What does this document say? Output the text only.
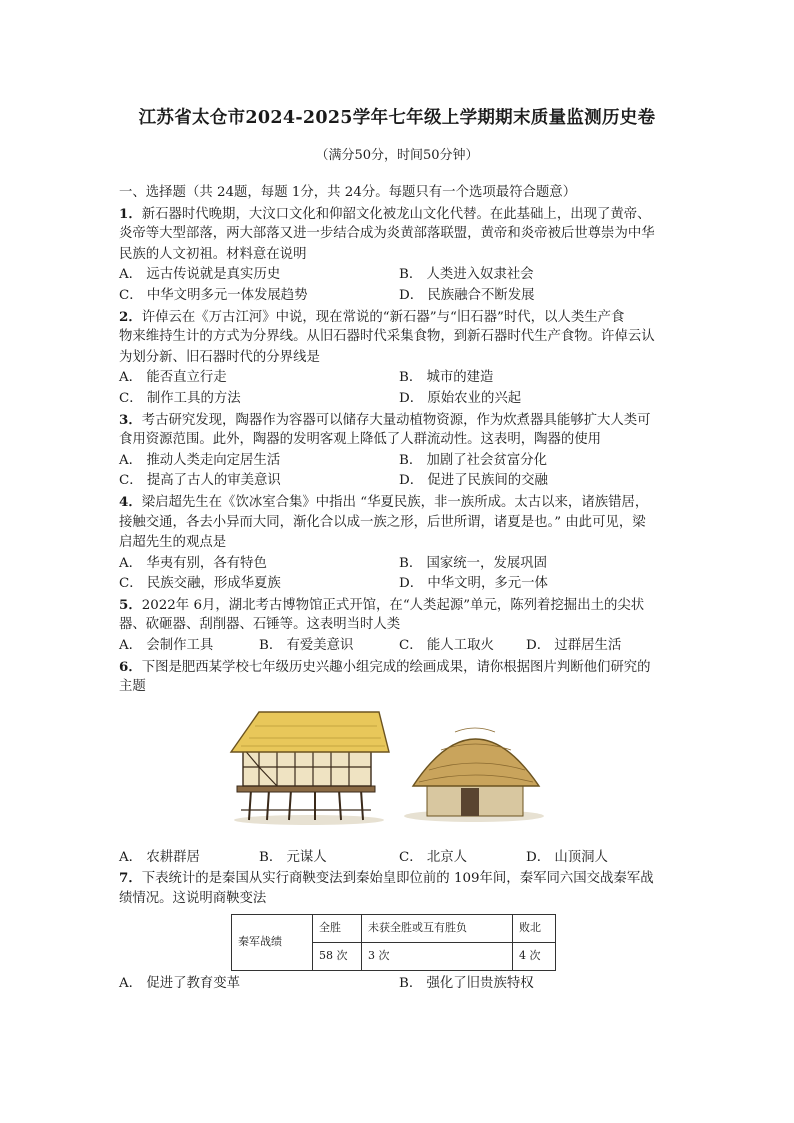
江苏省太仓市2024-2025学年七年级上学期期末质量监测历史卷
（满分50分，时间50分钟）
一、选择题（共 24题，每题 1分，共 24分。每题只有一个选项最符合题意）
1．新石器时代晚期，大汶口文化和仰韶文化被龙山文化代替。在此基础上，出现了黄帝、
炎帝等大型部落，两大部落又进一步结合成为炎黄部落联盟，黄帝和炎帝被后世尊崇为中华
民族的人文初祖。材料意在说明
A． 远古传说就是真实历史	B． 人类进入奴隶社会
C． 中华文明多元一体发展趋势	D． 民族融合不断发展
2．许倬云在《万古江河》中说，现在常说的“新石器”与“旧石器”时代，以人类生产食
物来维持生计的方式为分界线。从旧石器时代采集食物，到新石器时代生产食物。许倬云认
为划分新、旧石器时代的分界线是
A． 能否直立行走	B． 城市的建造
C． 制作工具的方法	D． 原始农业的兴起
3．考古研究发现，陶器作为容器可以储存大量动植物资源，作为炊煮器具能够扩大人类可
食用资源范围。此外，陶器的发明客观上降低了人群流动性。这表明，陶器的使用
A． 推动人类走向定居生活	B． 加剧了社会贫富分化
C． 提高了古人的审美意识	D． 促进了民族间的交融
4．梁启超先生在《饮冰室合集》中指出 “华夏民族，非一族所成。太古以来，诸族错居，
接触交通，各去小异而大同，渐化合以成一族之形，后世所谓，诸夏是也。” 由此可见，梁
启超先生的观点是
A． 华夷有别，各有特色	B． 国家统一，发展巩固
C． 民族交融，形成华夏族	D． 中华文明，多元一体
5．2022年 6月，湖北考古博物馆正式开馆，在“人类起源”单元，陈列着挖掘出土的尖状
器、砍砸器、刮削器、石锤等。这表明当时人类
A． 会制作工具	B． 有爱美意识	C． 能人工取火	D． 过群居生活
6．下图是肥西某学校七年级历史兴趣小组完成的绘画成果，请你根据图片判断他们研究的
主题
A． 农耕群居	B． 元谋人	C． 北京人	D． 山顶洞人
7．下表统计的是秦国从实行商鞅变法到秦始皇即位前的 109年间，秦军同六国交战秦军战
绩情况。这说明商鞅变法
秦军战绩	全胜	未获全胜或互有胜负	败北
	58 次	3 次	4 次
A． 促进了教育变革	B． 强化了旧贵族特权
